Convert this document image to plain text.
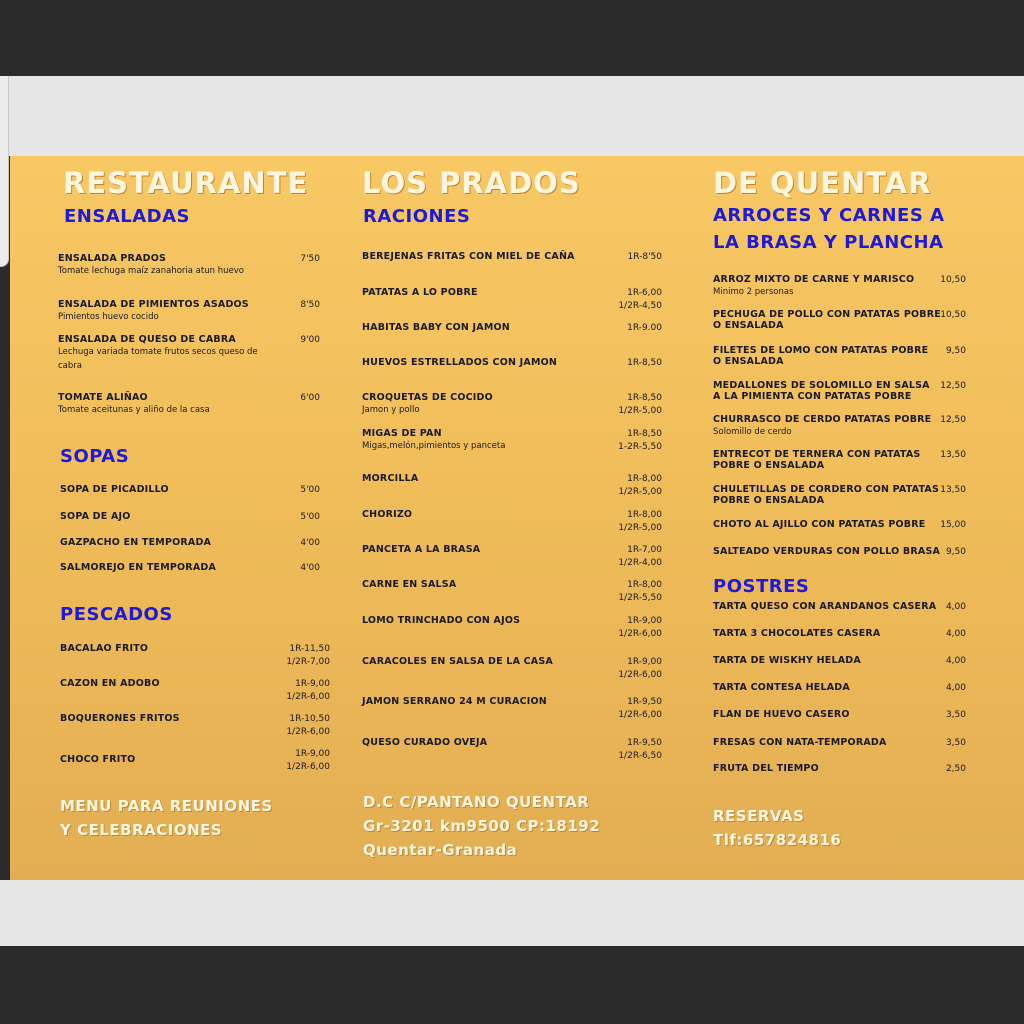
RESTAURANTE LOS PRADOS	DE QUENTAR
ENSALADAS
ENSALADA PRADOS
Tomate lechuga maíz zanahoria atun huevo
7'50
ENSALADA DE PIMIENTOS ASADOS
Pimientos huevo cocido
8'50
ENSALADA DE QUESO DE CABRA
Lechuga variada tomate frutos secos queso de cabra
9'00
TOMATE ALIÑAO
Tomate aceitunas y aliño de la casa
6'00
SOPAS
SOPA DE PICADILLO	5'00
SOPA DE AJO	5'00
GAZPACHO EN TEMPORADA	4'00
SALMOREJO EN TEMPORADA	4'00
PESCADOS
BACALAO FRITO	1R-11,50
1/2R-7,00
CAZON EN ADOBO	1R-9,00
1/2R-6,00
BOQUERONES FRITOS	1R-10,50
1/2R-6,00
CHOCO FRITO	1R-9,00
1/2R-6,00
MENU PARA REUNIONES
Y CELEBRACIONES
RACIONES
BEREJENAS FRITAS CON MIEL DE CAÑA	1R-8'50
PATATAS A LO POBRE	1R-6,00
1/2R-4,50
HABITAS BABY CON JAMON	1R-9.00
HUEVOS ESTRELLADOS CON JAMON	1R-8,50
CROQUETAS DE COCIDO
Jamon y pollo
1R-8,50
1/2R-5,00
MIGAS DE PAN
Migas,melón,pimientos y panceta
1R-8,50
1-2R-5,50
MORCILLA	1R-8,00
1/2R-5,00
CHORIZO	1R-8,00
1/2R-5,00
PANCETA A LA BRASA	1R-7,00
1/2R-4,00
CARNE EN SALSA	1R-8,00
1/2R-5,50
LOMO TRINCHADO CON AJOS	1R-9,00
1/2R-6,00
CARACOLES EN SALSA DE LA CASA	1R-9,00
1/2R-6,00
JAMON SERRANO 24 M CURACION	1R-9,50
1/2R-6,00
QUESO CURADO OVEJA	1R-9,50
1/2R-6,50
D.C C/PANTANO QUENTAR
Gr-3201 km9500 CP:18192
Quentar-Granada
ARROCES Y CARNES A
LA BRASA Y PLANCHA
ARROZ MIXTO DE CARNE Y MARISCO
Minimo 2 personas
10,50
PECHUGA DE POLLO CON PATATAS POBRE
O ENSALADA
10,50
FILETES DE LOMO CON PATATAS POBRE
O ENSALADA
9,50
MEDALLONES DE SOLOMILLO EN SALSA
A LA PIMIENTA CON PATATAS POBRE
12,50
CHURRASCO DE CERDO PATATAS POBRE
Solomillo de cerdo
12,50
ENTRECOT DE TERNERA CON PATATAS
POBRE O ENSALADA
13,50
CHULETILLAS DE CORDERO CON PATATAS
POBRE O ENSALADA
13,50
CHOTO AL AJILLO CON PATATAS POBRE	15,00
SALTEADO VERDURAS CON POLLO BRASA 9,50
POSTRES
TARTA QUESO CON ARANDANOS CASERA	4,00
TARTA 3 CHOCOLATES CASERA	4,00
TARTA DE WISKHY HELADA	4,00
TARTA CONTESA HELADA	4,00
FLAN DE HUEVO CASERO	3,50
FRESAS CON NATA-TEMPORADA	3,50
FRUTA DEL TIEMPO	2,50
RESERVAS
Tlf:657824816
